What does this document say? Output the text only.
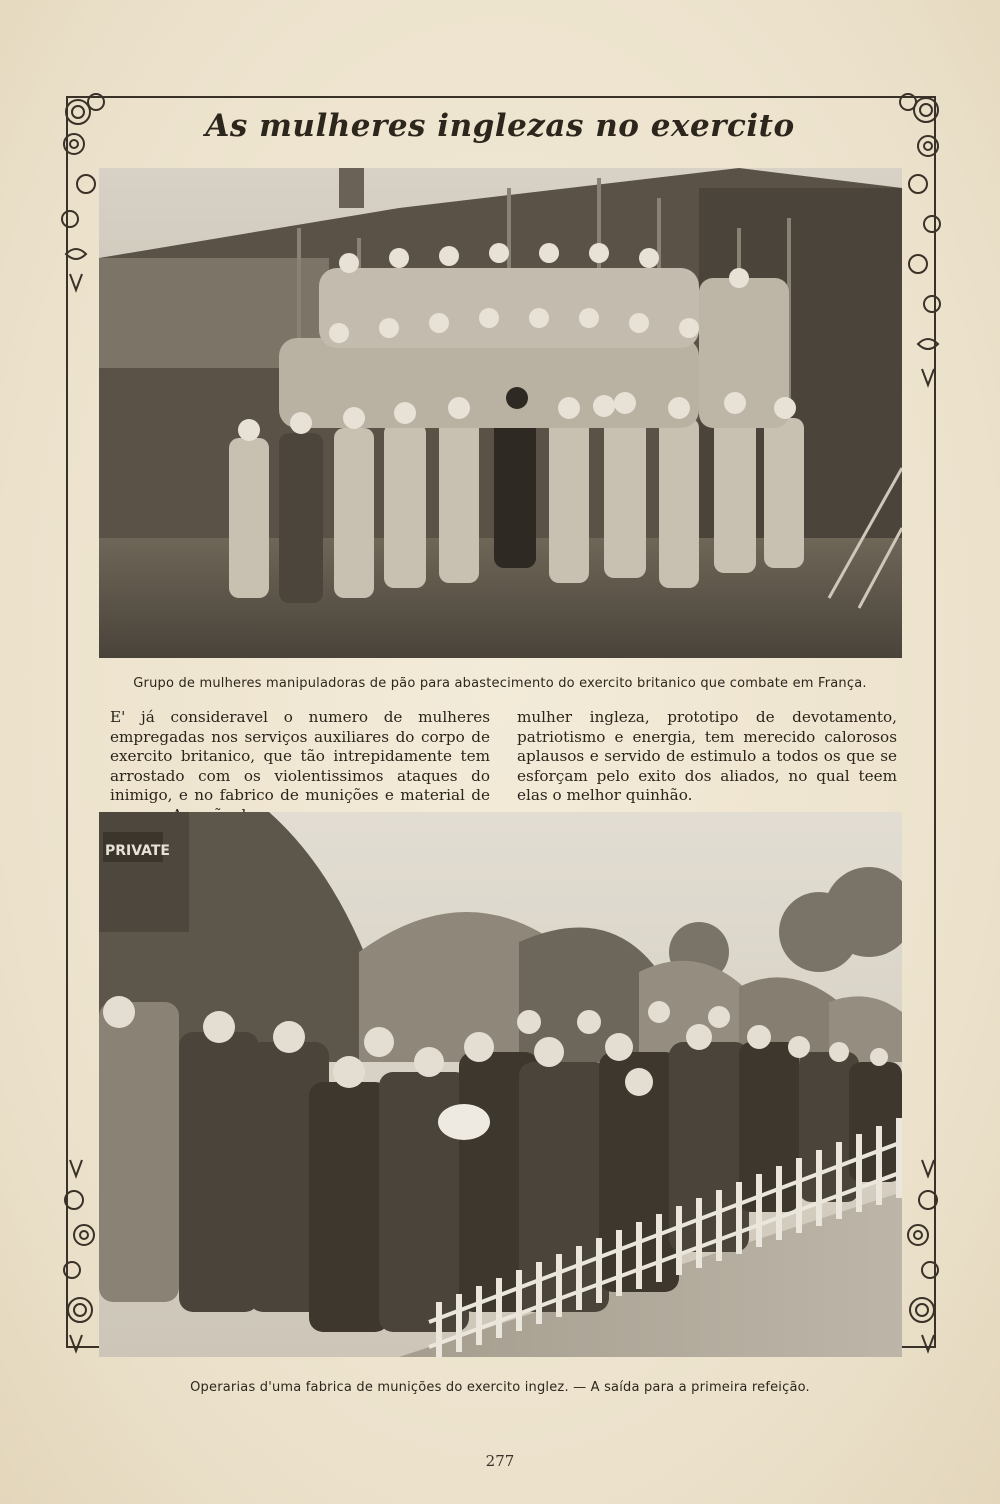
As mulheres inglezas no exercito
Grupo de mulheres manipuladoras de pão para abastecimento do exercito britanico que combate em França.
E' já consideravel o numero de mulheres empregadas nos serviços auxiliares do corpo de exercito britanico, que tão intrepidamente tem arrostado com os violentissimos ataques do inimigo, e no fabrico de munições e material de
mulher ingleza, prototipo de devotamento, patriotismo e energia, tem merecido calorosos aplausos e servido de estimulo a todos os que se esforçam pelo exito dos aliados, no qual teem elas o melhor quinhão.
PRIVATE
Operarias d'uma fabrica de munições do exercito inglez. — A saída para a primeira refeição.
277
